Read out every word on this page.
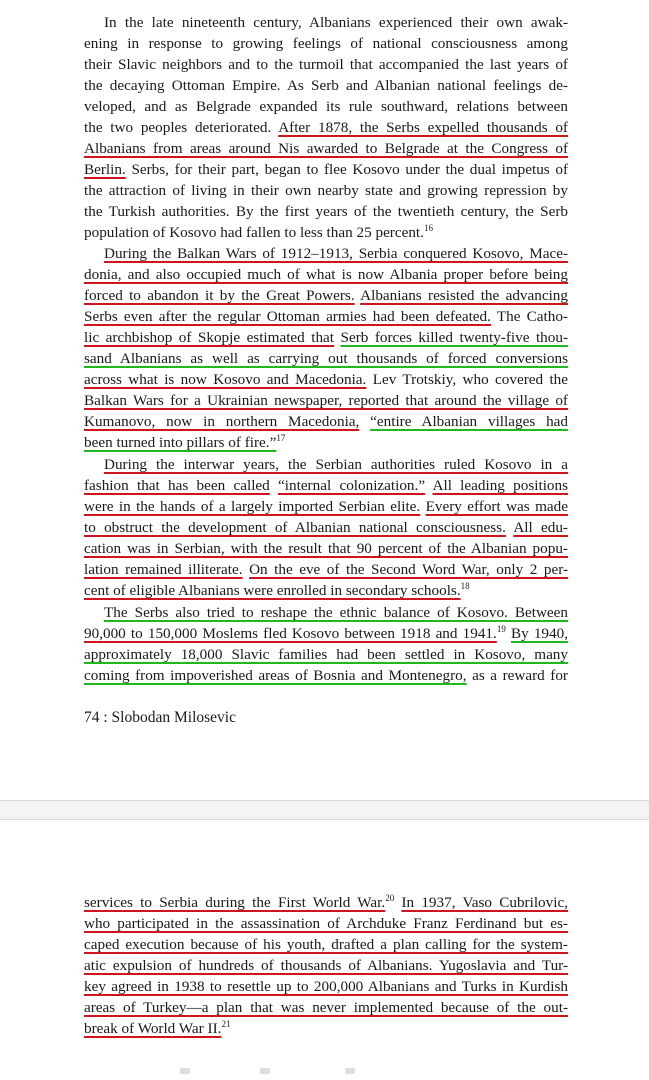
In the late nineteenth century, Albanians experienced their own awak-
ening in response to growing feelings of national consciousness among
their Slavic neighbors and to the turmoil that accompanied the last years of
the decaying Ottoman Empire. As Serb and Albanian national feelings de-
veloped, and as Belgrade expanded its rule southward, relations between
the two peoples deteriorated. After 1878, the Serbs expelled thousands of
Albanians from areas around Nis awarded to Belgrade at the Congress of
Berlin. Serbs, for their part, began to flee Kosovo under the dual impetus of
the attraction of living in their own nearby state and growing repression by
the Turkish authorities. By the first years of the twentieth century, the Serb
population of Kosovo had fallen to less than 25 percent.$^{16}$
During the Balkan Wars of 1912–1913, Serbia conquered Kosovo, Mace-
donia, and also occupied much of what is now Albania proper before being
forced to abandon it by the Great Powers. Albanians resisted the advancing
Serbs even after the regular Ottoman armies had been defeated. The Catho-
lic archbishop of Skopje estimated that Serb forces killed twenty-five thou-
sand Albanians as well as carrying out thousands of forced conversions
across what is now Kosovo and Macedonia. Lev Trotskiy, who covered the
Balkan Wars for a Ukrainian newspaper, reported that around the village of
Kumanovo, now in northern Macedonia, “entire Albanian villages had
been turned into pillars of fire.”$^{17}$
During the interwar years, the Serbian authorities ruled Kosovo in a
fashion that has been called “internal colonization.” All leading positions
were in the hands of a largely imported Serbian elite. Every effort was made
to obstruct the development of Albanian national consciousness. All edu-
cation was in Serbian, with the result that 90 percent of the Albanian popu-
lation remained illiterate. On the eve of the Second Word War, only 2 per-
cent of eligible Albanians were enrolled in secondary schools.$^{18}$
The Serbs also tried to reshape the ethnic balance of Kosovo. Between
90,000 to 150,000 Moslems fled Kosovo between 1918 and 1941.19 By 1940,
approximately 18,000 Slavic families had been settled in Kosovo, many
coming from impoverished areas of Bosnia and Montenegro, as a reward for
74 : Slobodan Milosevic
services to Serbia during the First World War.$^{20}$ In 1937, Vaso Cubrilovic,
who participated in the assassination of Archduke Franz Ferdinand but es-
caped execution because of his youth, drafted a plan calling for the system-
atic expulsion of hundreds of thousands of Albanians. Yugoslavia and Tur-
key agreed in 1938 to resettle up to 200,000 Albanians and Turks in Kurdish
areas of Turkey—a plan that was never implemented because of the out-
break of World War II.$^{21}$
